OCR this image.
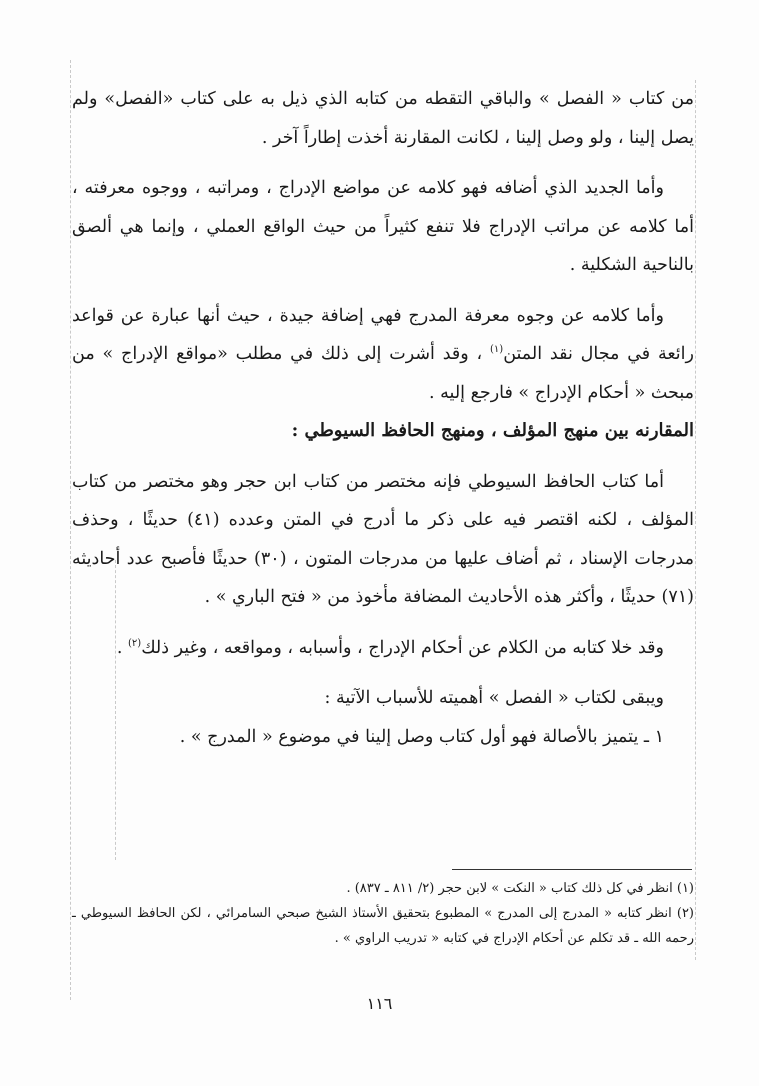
من كتاب « الفصل » والباقي التقطه من كتابه الذي ذيل به على كتاب «الفصل» ولم يصل إلينا ، ولو وصل إلينا ، لكانت المقارنة أخذت إطاراً آخر .

وأما الجديد الذي أضافه فهو كلامه عن مواضع الإدراج ، ومراتبه ، ووجوه معرفته ، أما كلامه عن مراتب الإدراج فلا تنفع كثيراً من حيث الواقع العملي ، وإنما هي ألصق بالناحية الشكلية .

وأما كلامه عن وجوه معرفة المدرج فهي إضافة جيدة ، حيث أنها عبارة عن قواعد رائعة في مجال نقد المتن$^{(١)}$ ، وقد أشرت إلى ذلك في مطلب «مواقع الإدراج » من مبحث « أحكام الإدراج » فارجع إليه .

المقارنه بين منهج المؤلف ، ومنهج الحافظ السيوطي :

أما كتاب الحافظ السيوطي فإنه مختصر من كتاب ابن حجر وهو مختصر من كتاب المؤلف ، لكنه اقتصر فيه على ذكر ما أدرج في المتن وعدده (٤١) حديثًا ، وحذف مدرجات الإسناد ، ثم أضاف عليها من مدرجات المتون ، (٣٠) حديثًا فأصبح عدد أحاديثه (٧١) حديثًا ، وأكثر هذه الأحاديث المضافة مأخوذ من « فتح الباري » .

وقد خلا كتابه من الكلام عن أحكام الإدراج ، وأسبابه ، ومواقعه ، وغير ذلك$^{(٢)}$ .

ويبقى لكتاب « الفصل » أهميته للأسباب الآتية :

١ ـ يتميز بالأصالة فهو أول كتاب وصل إلينا في موضوع « المدرج » .

(١) انظر في كل ذلك كتاب « النكت » لابن حجر (٢/ ٨١١ ـ ٨٣٧) .

(٢) انظر كتابه « المدرج إلى المدرج » المطبوع بتحقيق الأستاذ الشيخ صبحي السامرائي ، لكن الحافظ السيوطي ـ رحمه الله ـ قد تكلم عن أحكام الإدراج في كتابه « تدريب الراوي » .

١١٦
